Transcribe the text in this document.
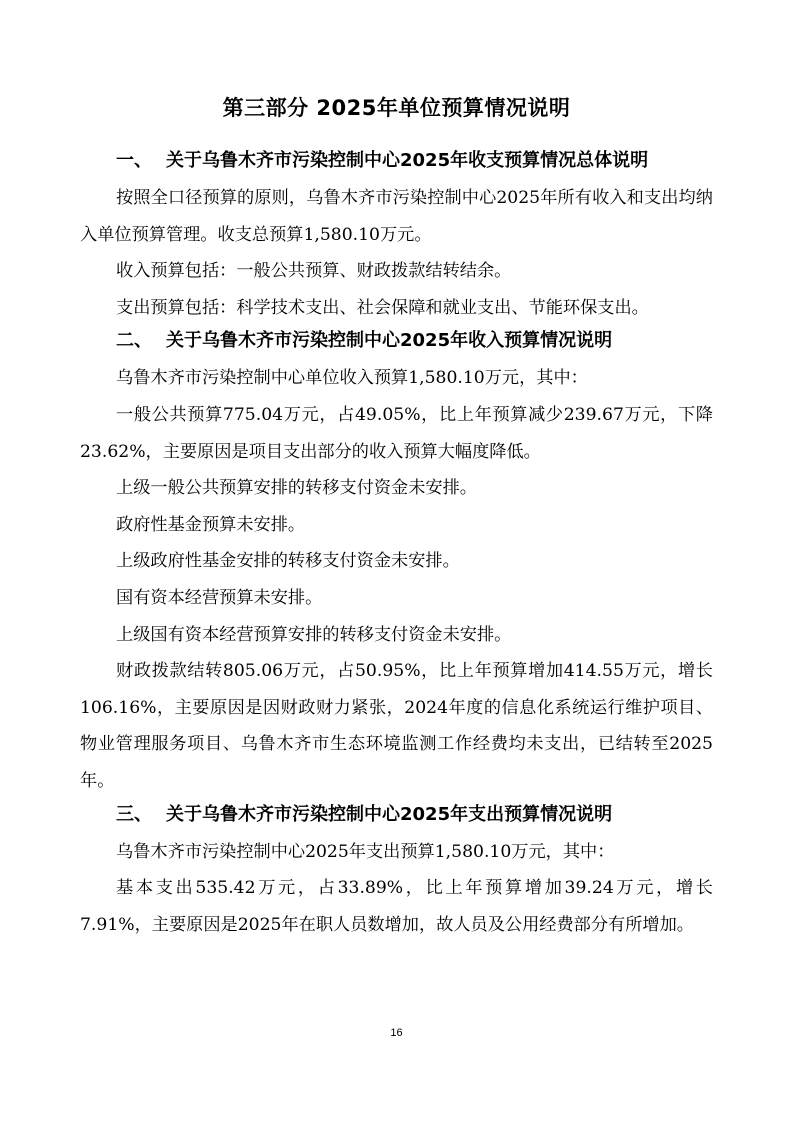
第三部分 2025年单位预算情况说明
一、 关于乌鲁木齐市污染控制中心2025年收支预算情况总体说明

按照全口径预算的原则，乌鲁木齐市污染控制中心2025年所有收入和支出均纳入单位预算管理。收支总预算1,580.10万元。

收入预算包括：一般公共预算、财政拨款结转结余。

支出预算包括：科学技术支出、社会保障和就业支出、节能环保支出。

二、 关于乌鲁木齐市污染控制中心2025年收入预算情况说明

乌鲁木齐市污染控制中心单位收入预算1,580.10万元，其中：

一般公共预算775.04万元，占49.05%，比上年预算减少239.67万元，下降23.62%，主要原因是项目支出部分的收入预算大幅度降低。

上级一般公共预算安排的转移支付资金未安排。

政府性基金预算未安排。

上级政府性基金安排的转移支付资金未安排。

国有资本经营预算未安排。

上级国有资本经营预算安排的转移支付资金未安排。

财政拨款结转805.06万元，占50.95%，比上年预算增加414.55万元，增长106.16%，主要原因是因财政财力紧张，2024年度的信息化系统运行维护项目、物业管理服务项目、乌鲁木齐市生态环境监测工作经费均未支出，已结转至2025年。

三、 关于乌鲁木齐市污染控制中心2025年支出预算情况说明

乌鲁木齐市污染控制中心2025年支出预算1,580.10万元，其中：

基本支出535.42万元，占33.89%，比上年预算增加39.24万元，增长7.91%，主要原因是2025年在职人员数增加，故人员及公用经费部分有所增加。

16
